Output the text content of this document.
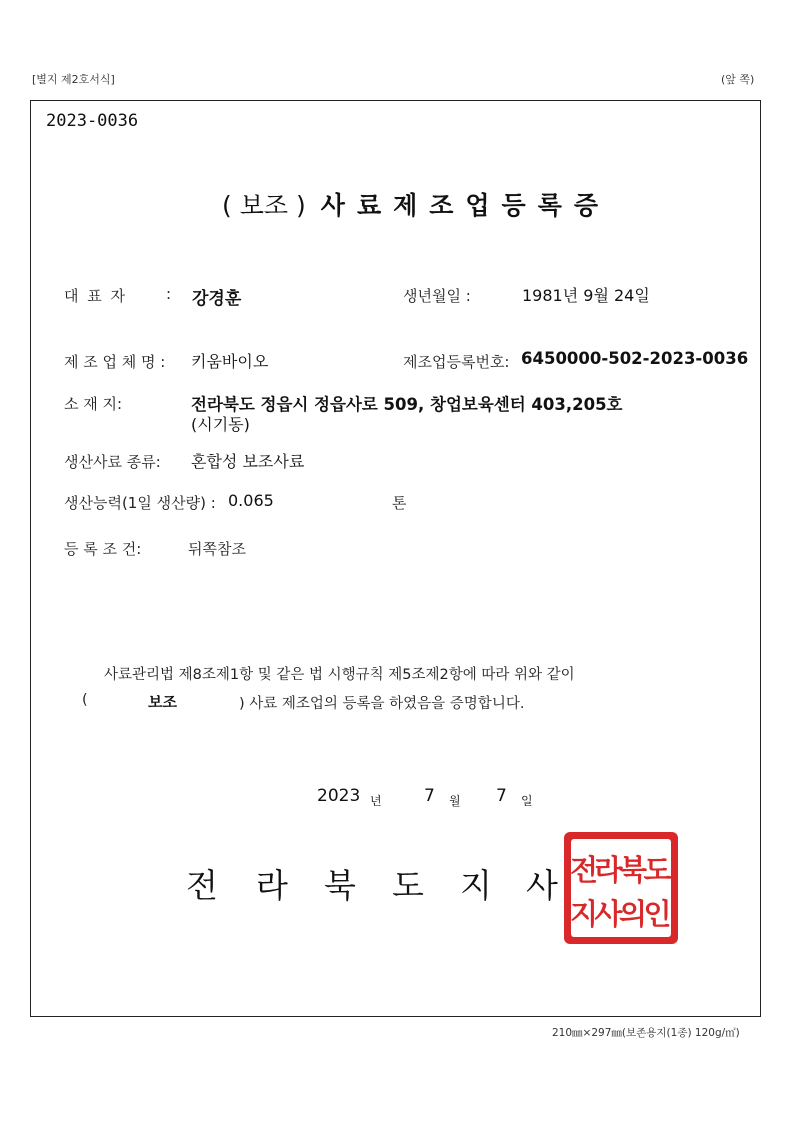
[별지 제2호서식]	(앞 쪽)
2023-0036
( 보조 ) 사료제조업등록증
대 표 자	: 강경훈	생년월일 :	1981년 9월 24일
제 조 업 체 명 : 키움바이오	제조업등록번호: 6450000-502-2023-0036
소 재 지:	전라북도 정읍시 정읍사로 509, 창업보육센터 403,205호
(시기동)
생산사료 종류: 혼합성 보조사료
생산능력(1일 생산량) : 0.065	톤
등 록 조 건:	뒤쪽참조
사료관리법 제8조제1항 및 같은 법 시행규칙 제5조제2항에 따라 위와 같이
(	보조	) 사료 제조업의 등록을 하였음을 증명합니다.
2023 년 7 월 7 일
전 라 북 도 지 사 전
라
북
도
지
사
의
인
210㎜×297㎜(보존용지(1종) 120g/㎡)
